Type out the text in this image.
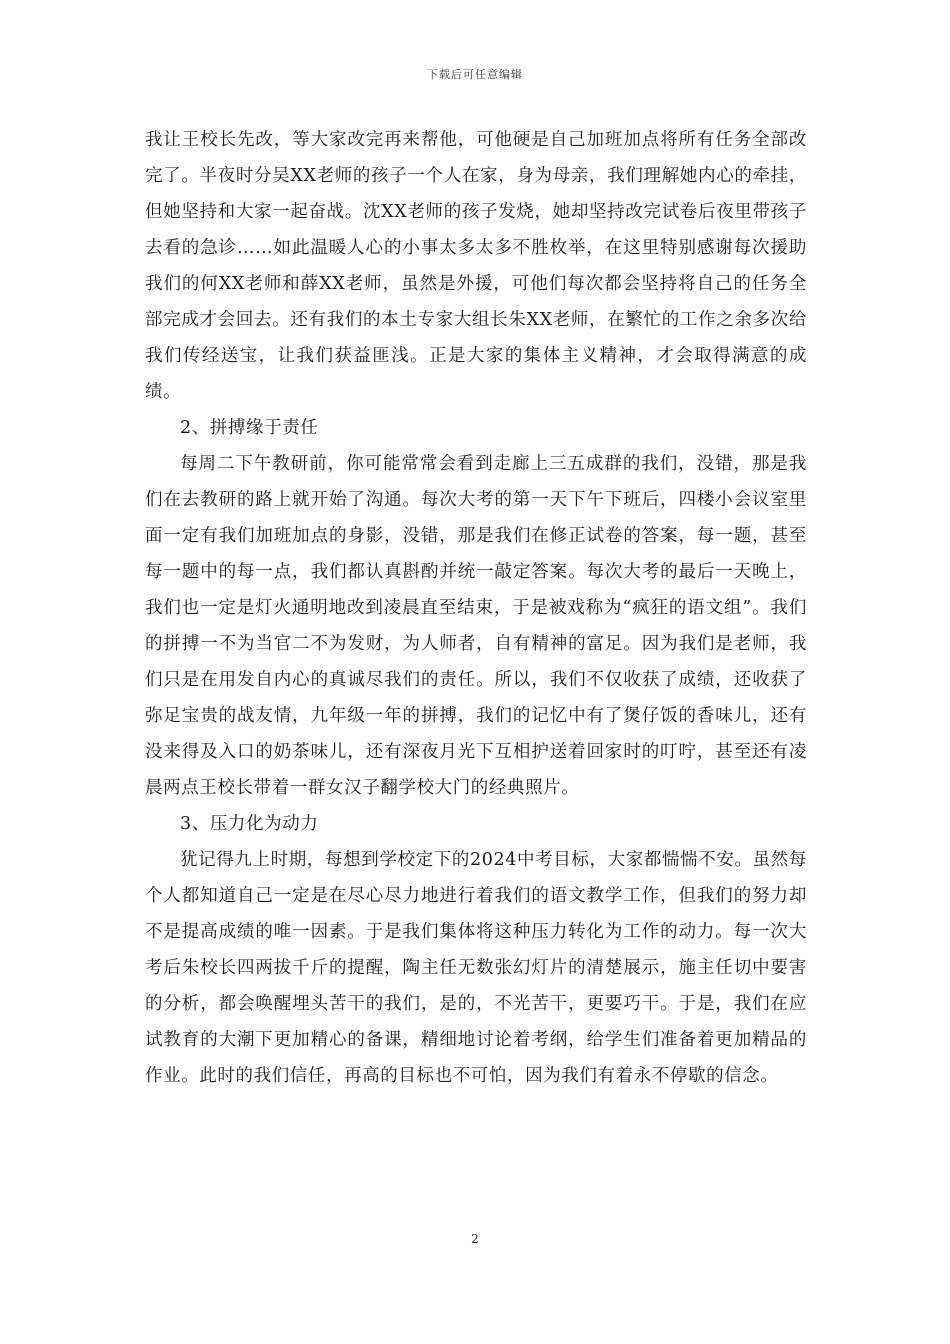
下载后可任意编辑

我让王校长先改，等大家改完再来帮他，可他硬是自己加班加点将所有任务全部改完了。半夜时分吴XX老师的孩子一个人在家，身为母亲，我们理解她内心的牵挂，但她坚持和大家一起奋战。沈XX老师的孩子发烧，她却坚持改完试卷后夜里带孩子去看的急诊……如此温暖人心的小事太多太多不胜枚举，在这里特别感谢每次援助我们的何XX老师和薛XX老师，虽然是外援，可他们每次都会坚持将自己的任务全部完成才会回去。还有我们的本土专家大组长朱XX老师，在繁忙的工作之余多次给我们传经送宝，让我们获益匪浅。正是大家的集体主义精神，才会取得满意的成绩。

2、拼搏缘于责任

每周二下午教研前，你可能常常会看到走廊上三五成群的我们，没错，那是我们在去教研的路上就开始了沟通。每次大考的第一天下午下班后，四楼小会议室里面一定有我们加班加点的身影，没错，那是我们在修正试卷的答案，每一题，甚至每一题中的每一点，我们都认真斟酌并统一敲定答案。每次大考的最后一天晚上，我们也一定是灯火通明地改到凌晨直至结束，于是被戏称为“疯狂的语文组”。我们的拼搏一不为当官二不为发财，为人师者，自有精神的富足。因为我们是老师，我们只是在用发自内心的真诚尽我们的责任。所以，我们不仅收获了成绩，还收获了弥足宝贵的战友情，九年级一年的拼搏，我们的记忆中有了煲仔饭的香味儿，还有没来得及入口的奶茶味儿，还有深夜月光下互相护送着回家时的叮咛，甚至还有凌晨两点王校长带着一群女汉子翻学校大门的经典照片。

3、压力化为动力

犹记得九上时期，每想到学校定下的2024中考目标，大家都惴惴不安。虽然每个人都知道自己一定是在尽心尽力地进行着我们的语文教学工作，但我们的努力却不是提高成绩的唯一因素。于是我们集体将这种压力转化为工作的动力。每一次大考后朱校长四两拔千斤的提醒，陶主任无数张幻灯片的清楚展示，施主任切中要害的分析，都会唤醒埋头苦干的我们，是的，不光苦干，更要巧干。于是，我们在应试教育的大潮下更加精心的备课，精细地讨论着考纲，给学生们准备着更加精品的作业。此时的我们信任，再高的目标也不可怕，因为我们有着永不停歇的信念。

2
